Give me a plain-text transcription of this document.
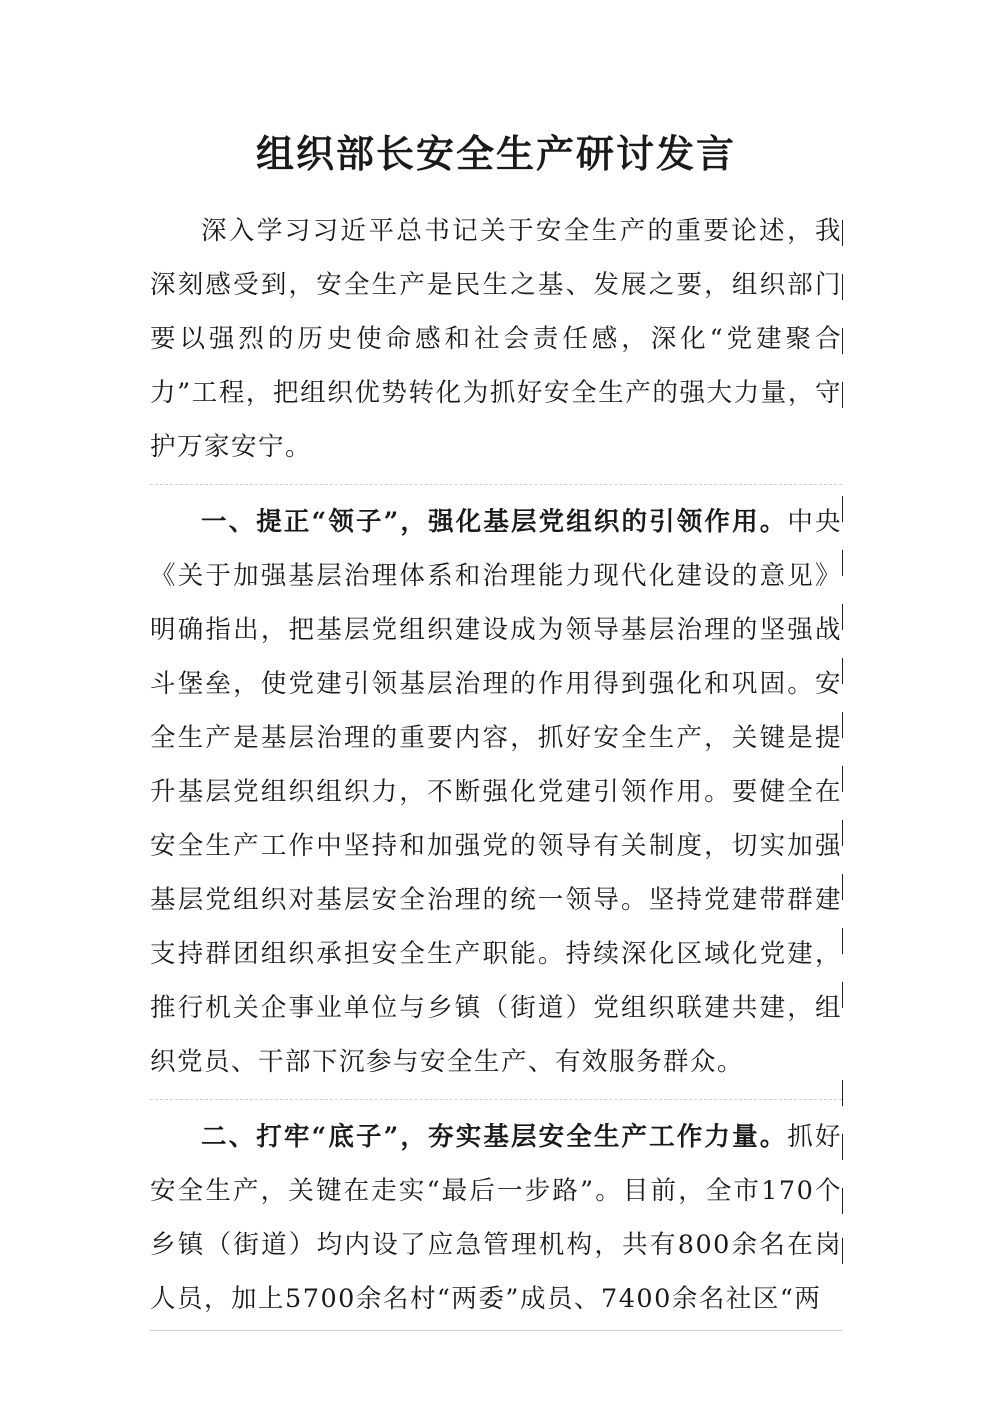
组织部长安全生产研讨发言

深入学习习近平总书记关于安全生产的重要论述，我深刻感受到，安全生产是民生之基、发展之要，组织部门要以强烈的历史使命感和社会责任感，深化“党建聚合力”工程，把组织优势转化为抓好安全生产的强大力量，守护万家安宁。

一、提正“领子”，强化基层党组织的引领作用。中央《关于加强基层治理体系和治理能力现代化建设的意见》明确指出，把基层党组织建设成为领导基层治理的坚强战斗堡垒，使党建引领基层治理的作用得到强化和巩固。安全生产是基层治理的重要内容，抓好安全生产，关键是提升基层党组织组织力，不断强化党建引领作用。要健全在安全生产工作中坚持和加强党的领导有关制度，切实加强基层党组织对基层安全治理的统一领导。坚持党建带群建支持群团组织承担安全生产职能。持续深化区域化党建，推行机关企事业单位与乡镇（街道）党组织联建共建，组织党员、干部下沉参与安全生产、有效服务群众。

二、打牢“底子”，夯实基层安全生产工作力量。抓好安全生产，关键在走实“最后一步路”。目前，全市170个乡镇（街道）均内设了应急管理机构，共有800余名在岗人员，加上5700余名村“两委”成员、7400余名社区“两
